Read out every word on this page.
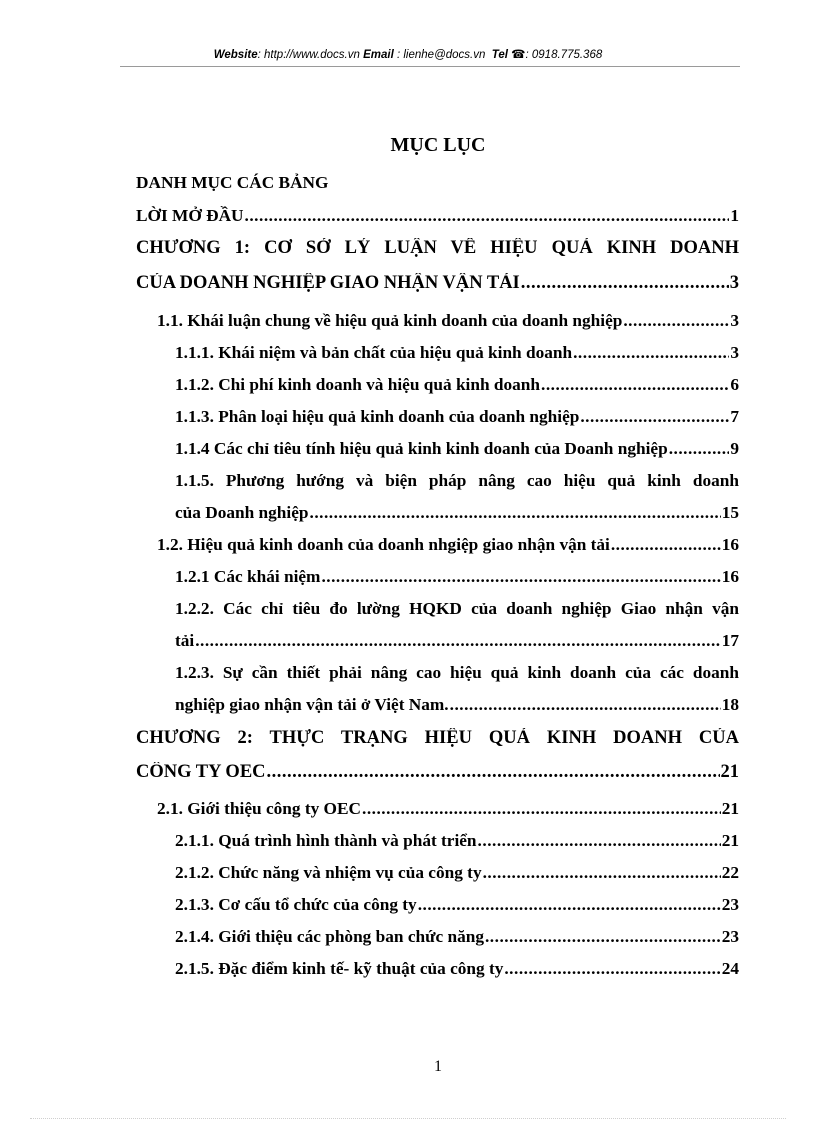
Website: http://www.docs.vn Email : lienhe@docs.vn Tel ☎: 0918.775.368
MỤC LỤC
DANH MỤC CÁC BẢNG
LỜI MỞ ĐẦU .....	1
CHƯƠNG 1: CƠ SỞ LÝ LUẬN VỀ HIỆU QUẢ KINH DOANH
CỦA DOANH NGHIỆP GIAO NHẬN VẬN TẢI .....	3
1.1. Khái luận chung về hiệu quả kinh doanh của doanh nghiệp .....	3
1.1.1. Khái niệm và bản chất của hiệu quả kinh doanh .....	3
1.1.2. Chi phí kinh doanh và hiệu quả kinh doanh .....	6
1.1.3. Phân loại hiệu quả kinh doanh của doanh nghiệp .....	7
1.1.4 Các chỉ tiêu tính hiệu quả kinh kinh doanh của Doanh nghiệp .....	9
1.1.5. Phương hướng và biện pháp nâng cao hiệu quả kinh doanh
của Doanh nghiệp .....	15
1.2. Hiệu quả kinh doanh của doanh nhgiệp giao nhận vận tải .....	16
1.2.1 Các khái niệm .....	16
1.2.2. Các chỉ tiêu đo lường HQKD của doanh nghiệp Giao nhận vận
tải .....	17
1.2.3. Sự cần thiết phải nâng cao hiệu quả kinh doanh của các doanh
nghiệp giao nhận vận tải ở Việt Nam. .....	18
CHƯƠNG 2: THỰC TRẠNG HIỆU QUẢ KINH DOANH CỦA
CÔNG TY OEC .....	21
2.1. Giới thiệu công ty OEC .....	21
2.1.1. Quá trình hình thành và phát triển .....	21
2.1.2. Chức năng và nhiệm vụ của công ty .....	22
2.1.3. Cơ cấu tổ chức của công ty .....	23
2.1.4. Giới thiệu các phòng ban chức năng .....	23
2.1.5. Đặc điểm kinh tế- kỹ thuật của công ty .....	24
1
